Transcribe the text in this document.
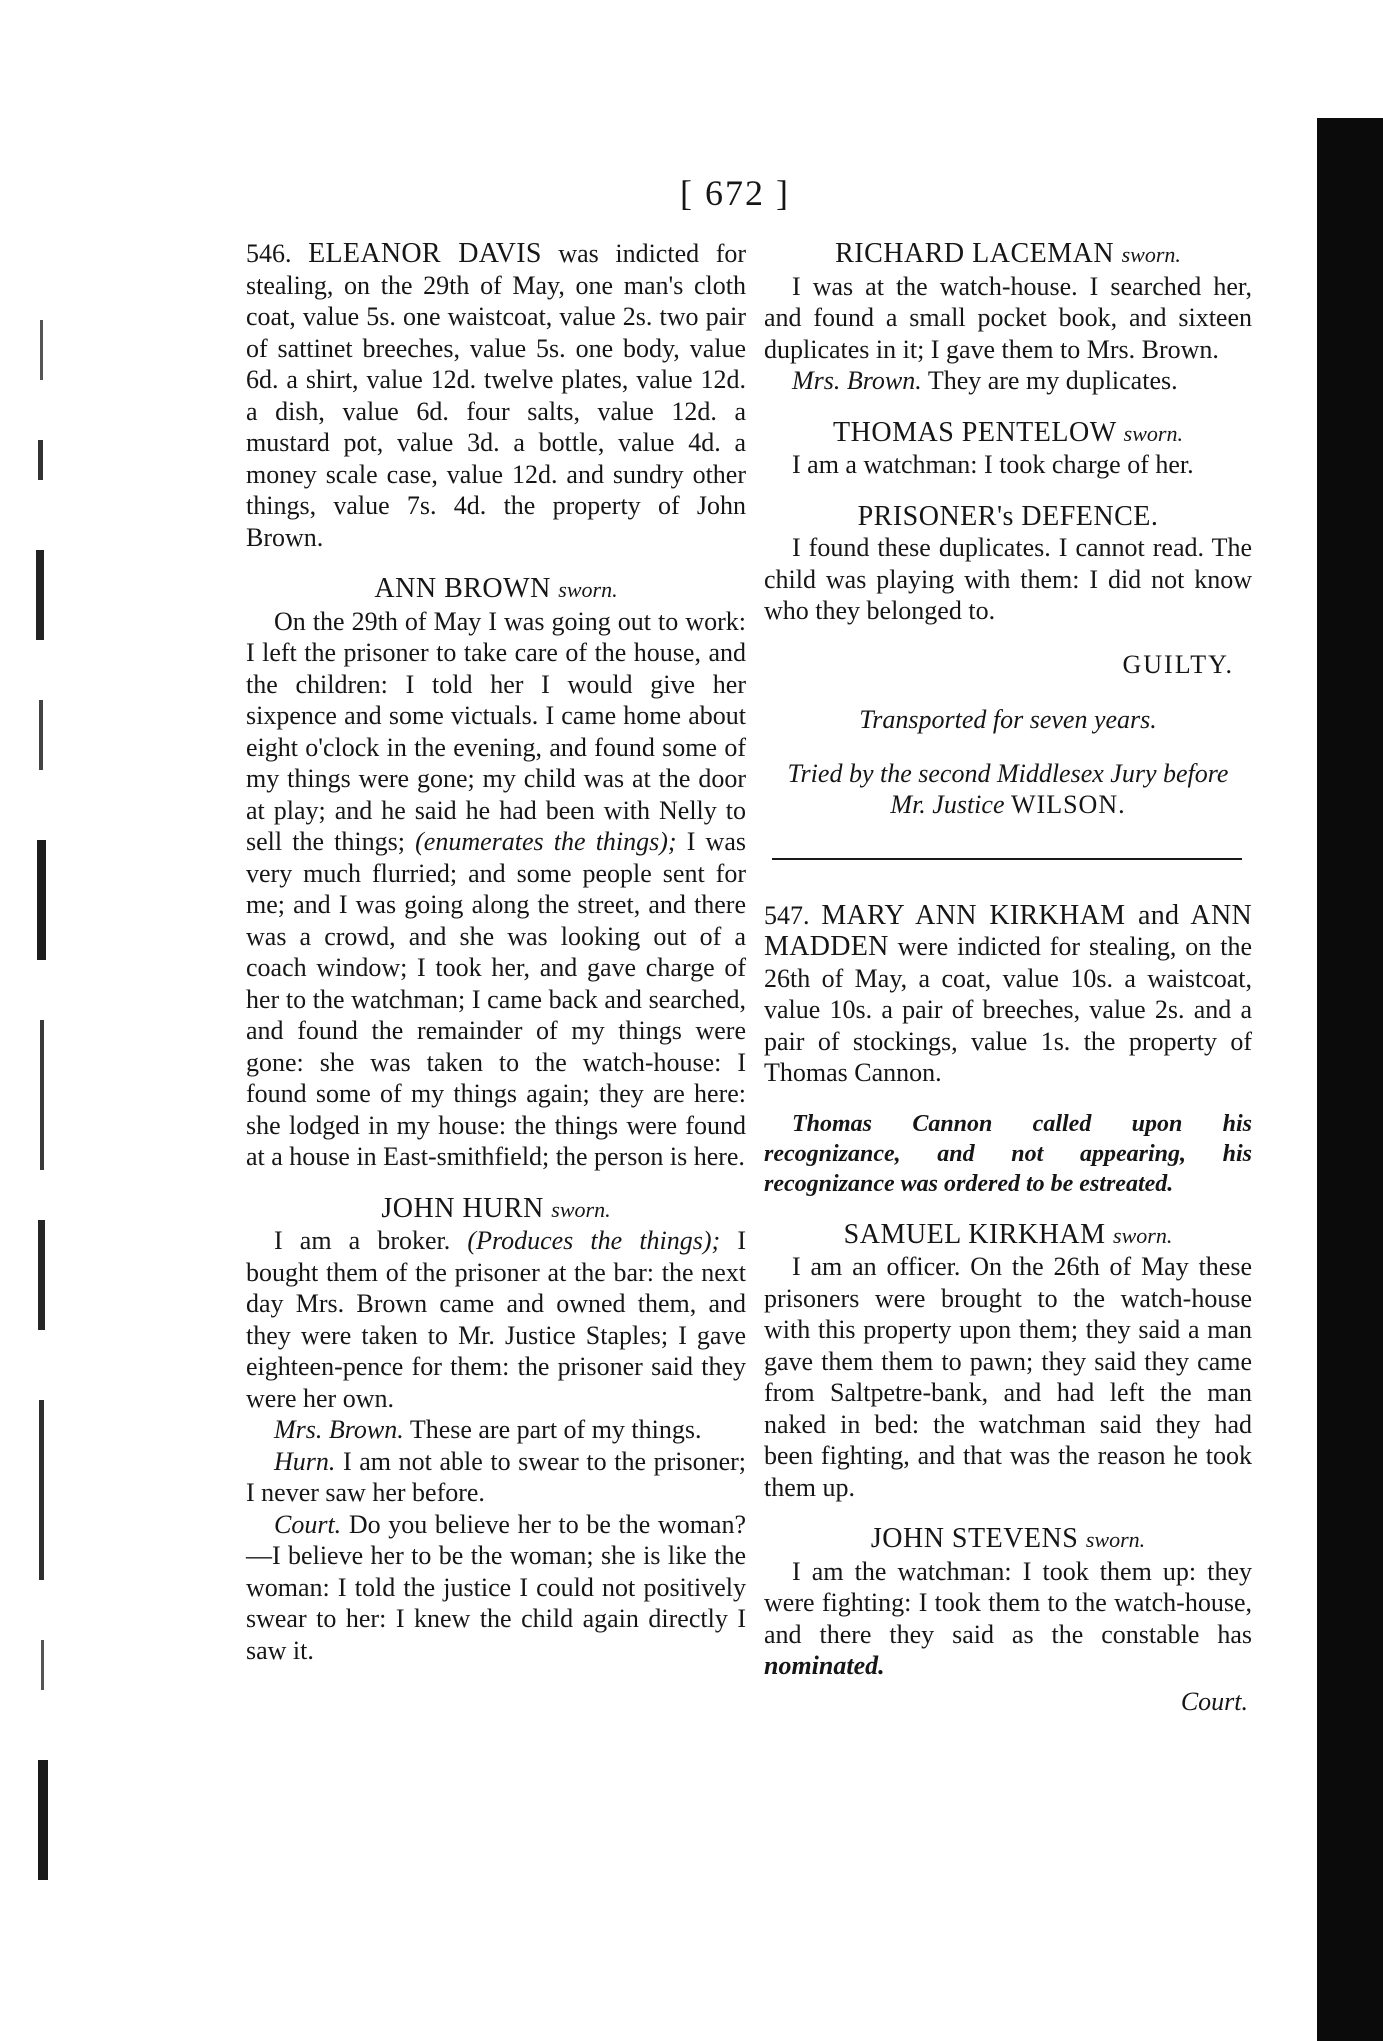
[ 672 ]

546. ELEANOR DAVIS was indicted for stealing, on the 29th of May, one man's cloth coat, value 5s. one waistcoat, value 2s. two pair of sattinet breeches, value 5s. one body, value 6d. a shirt, value 12d. twelve plates, value 12d. a dish, value 6d. four salts, value 12d. a mustard pot, value 3d. a bottle, value 4d. a money scale case, value 12d. and sundry other things, value 7s. 4d. the property of John Brown.

ANN BROWN sworn.

On the 29th of May I was going out to work: I left the prisoner to take care of the house, and the children: I told her I would give her sixpence and some victuals. I came home about eight o'clock in the evening, and found some of my things were gone; my child was at the door at play; and he said he had been with Nelly to sell the things; (enumerates the things); I was very much flurried; and some people sent for me; and I was going along the street, and there was a crowd, and she was looking out of a coach window; I took her, and gave charge of her to the watchman; I came back and searched, and found the remainder of my things were gone: she was taken to the watch-house: I found some of my things again; they are here: she lodged in my house: the things were found at a house in East-smithfield; the person is here.

JOHN HURN sworn.

I am a broker. (Produces the things); I bought them of the prisoner at the bar: the next day Mrs. Brown came and owned them, and they were taken to Mr. Justice Staples; I gave eighteen-pence for them: the prisoner said they were her own.

Mrs. Brown. These are part of my things.

Hurn. I am not able to swear to the prisoner; I never saw her before.

Court. Do you believe her to be the woman?—I believe her to be the woman; she is like the woman: I told the justice I could not positively swear to her: I knew the child again directly I saw it.

RICHARD LACEMAN sworn.

I was at the watch-house. I searched her, and found a small pocket book, and sixteen duplicates in it; I gave them to Mrs. Brown.

Mrs. Brown. They are my duplicates.

THOMAS PENTELOW sworn.

I am a watchman: I took charge of her.

PRISONER's DEFENCE.

I found these duplicates. I cannot read. The child was playing with them: I did not know who they belonged to.

GUILTY.

Transported for seven years.

Tried by the second Middlesex Jury before
Mr. Justice WILSON.

547. MARY ANN KIRKHAM and ANN MADDEN were indicted for stealing, on the 26th of May, a coat, value 10s. a waistcoat, value 10s. a pair of breeches, value 2s. and a pair of stockings, value 1s. the property of Thomas Cannon.

Thomas Cannon called upon his recognizance, and not appearing, his recognizance was ordered to be estreated.

SAMUEL KIRKHAM sworn.

I am an officer. On the 26th of May these prisoners were brought to the watch-house with this property upon them; they said a man gave them them to pawn; they said they came from Saltpetre-bank, and had left the man naked in bed: the watchman said they had been fighting, and that was the reason he took them up.

JOHN STEVENS sworn.

I am the watchman: I took them up: they were fighting: I took them to the watch-house, and there they said as the constable has nominated.

Court.
